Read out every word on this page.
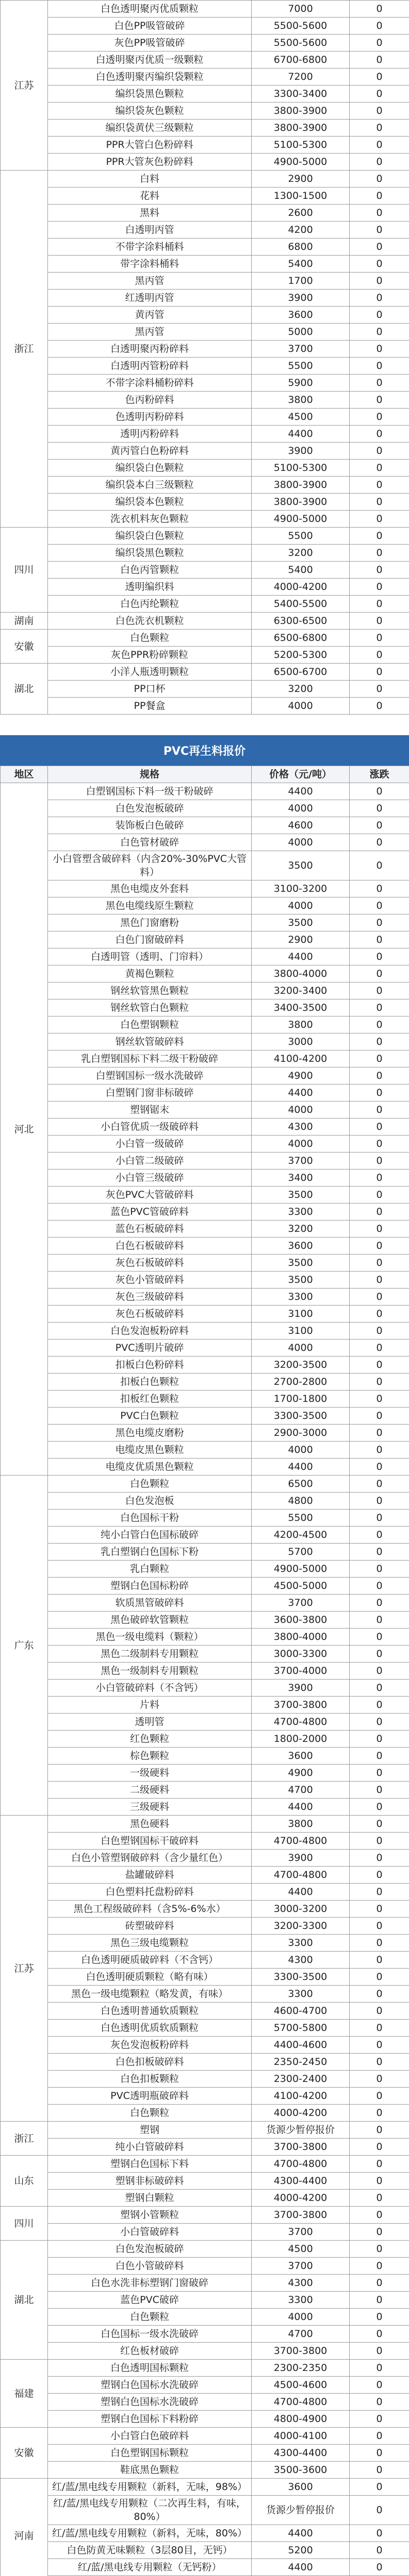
江苏	白色透明聚丙优质颗粒	7000	0
	白色PP吸管破碎	5500-5600	0
	灰色PP吸管破碎	5500-5600	0
	白透明聚丙优质一级颗粒	6700-6800	0
	白色透明聚丙编织袋颗粒	7200	0
	编织袋黑色颗粒	3300-3400	0
	编织袋灰色颗粒	3800-3900	0
	编织袋黄伏三级颗粒	3800-3900	0
	PPR大管白色粉碎料	5100-5300	0
	PPR大管灰色粉碎料	4900-5000	0
浙江	白料	2900	0
	花料	1300-1500	0
	黑料	2600	0
	白透明丙管	4200	0
	不带字涂料桶料	6800	0
	带字涂料桶料	5400	0
	黑丙管	1700	0
	红透明丙管	3900	0
	黄丙管	3600	0
	黑丙管	5000	0
	白透明聚丙粉碎料	3700	0
	白透明丙管粉碎料	5500	0
	不带字涂料桶粉碎料	5900	0
	色丙粉碎料	3800	0
	色透明丙粉碎料	4500	0
	透明丙粉碎料	4400	0
	黄丙管白色粉碎料	3900	0
	编织袋白色颗粒	5100-5300	0
	编织袋本白三级颗粒	3800-3900	0
	编织袋本色颗粒	3800-3900	0
	洗衣机料灰色颗粒	4900-5000	0
四川	编织袋白色颗粒	5500	0
	编织袋黑色颗粒	3200	0
	白色丙管颗粒	5400	0
	透明编织料	4000-4200	0
	白色丙纶颗粒	5400-5500	0
湖南	白色洗衣机颗粒	6300-6500	0
安徽	白色颗粒	6500-6800	0
	灰色PPR粉碎颗粒	5200-5300	0
湖北	小洋人瓶透明颗粒	6500-6700	0
	PP口杯	3200	0
	PP餐盒	4000	0
PVC再生料报价
地区	规格	价格（元/吨）	涨跌
河北	白塑钢国标下料一级干粉破碎	4400	0
	白色发泡板破碎	4000	0
	装饰板白色破碎	4600	0
	白色管材破碎	4000	0
	小白管塑含破碎料（内含20%-30%PVC大管料）	3500	0
	黑色电缆皮外套料	3100-3200	0
	黑色电缆线原生颗粒	4000	0
	黑色门窗磨粉	3500	0
	白色门窗破碎料	2900	0
	白透明管（透明、门帘料）	4400	0
	黄褐色颗粒	3800-4000	0
	钢丝软管黑色颗粒	3200-3400	0
	钢丝软管白色颗粒	3400-3500	0
	白色塑钢颗粒	3800	0
	钢丝软管破碎料	3000	0
	乳白塑钢国标下料二级干粉破碎	4100-4200	0
	白塑钢国标一级水洗破碎	4900	0
	白塑钢门窗非标破碎	4400	0
	塑钢锯末	4000	0
	小白管优质一级破碎料	4300	0
	小白管一级破碎	4000	0
	小白管二级破碎	3700	0
	小白管三级破碎	3400	0
	灰色PVC大管破碎料	3500	0
	蓝色PVC管破碎料	3300	0
	蓝色石板破碎料	3200	0
	白色石板破碎料	3600	0
	灰色石板破碎料	3500	0
	灰色小管破碎料	3500	0
	灰色三级破碎料	3300	0
	灰色石板破碎料	3100	0
	白色发泡板粉碎料	3100	0
	PVC透明片破碎	4000	0
	扣板白色粉碎料	3200-3500	0
	扣板白色颗粒	2700-2800	0
	扣板红色颗粒	1700-1800	0
	PVC白色颗粒	3300-3500	0
	黑色电缆皮磨粉	2900-3000	0
	电缆皮黑色颗粒	4000	0
	电缆皮优质黑色颗粒	4400	0
广东	白色颗粒	6500	0
	白色发泡板	4800	0
	白色国标干粉	5500	0
	纯小白管白色国标破碎	4200-4500	0
	乳白塑钢白色国标下粉	5700	0
	乳白颗粒	4900-5000	0
	塑钢白色国标粉碎	4500-5000	0
	软质黑管破碎料	3700	0
	黑色破碎软管颗粒	3600-3800	0
	黑色一级电缆料（颗粒）	3800-4000	0
	黑色二级制料专用颗粒	3000-3300	0
	黑色一级制料专用颗粒	3700-4000	0
	小白管破碎料（不含钙）	3900	0
	片料	3700-3800	0
	透明管	4700-4800	0
	红色颗粒	1800-2000	0
	棕色颗粒	3600	0
	一级硬料	4900	0
	二级硬料	4700	0
	三级硬料	4400	0
江苏	黑色硬料	3800	0
	白色塑钢国标干破碎料	4700-4800	0
	白色小管塑钢破碎料（含少量红色）	3900	0
	盐罐破碎料	4700-4800	0
	白色塑料托盘粉碎料	4400	0
	黑色工程级破碎料（含5%-6%水）	3000-3200	0
	砖塑破碎料	3200-3300	0
	黑色三级电缆颗粒	3300	0
	白色透明硬质破碎料（不含钙）	4300	0
	白色透明硬质颗粒（略有味）	3300-3500	0
	黑色一级电缆颗粒（略发黄，有味）	3300	0
	白色透明普通软质颗粒	4600-4700	0
	白色透明优质软质颗粒	5700-5800	0
	灰色发泡板粉碎料	4400-4600	0
	白色扣板破碎料	2350-2450	0
	白色扣板颗粒	2300-2400	0
	PVC透明瓶破碎料	4100-4200	0
	白色颗粒	4000-4200	0
浙江	塑钢	货源少暂停报价	0
	纯小白管破碎料	3700-3800	0
山东	塑钢白色国标下料	4700-4800	0
	塑钢非标破碎料	4300-4400	0
	塑钢白颗粒	4000-4200	0
四川	塑钢小管颗粒	3700-3800	0
	小白管破碎料	3700	0
湖北	白色发泡板破碎	4500	0
	白色小管破碎料	3700	0
	白色水洗非标塑钢门窗破碎	4300	0
	蓝色PVC破碎	3300	0
	白色颗粒	4000	0
	白色国标一级水洗破碎	4700	0
	红色板材破碎	3700-3800	0
福建	白色透明国标颗粒	2300-2350	0
	塑钢白色国标水洗破碎	4500-4600	0
	塑钢白色国标水洗破碎	4700-4800	0
	塑钢白色国标下料粉碎	4800-4900	0
安徽	小白管白色破碎料	4000-4100	0
	白色塑钢国标颗粒	4300-4400	0
	鞋底黑色颗粒	3500-3600	0
河南	红/蓝/黑电线专用颗粒（新料，无味，98%）	3600	0
	红/蓝/黑电线专用颗粒（二次再生料，有味，80%）	货源少暂停报价	0
	红/蓝/黑电线专用颗粒（新料，无味，80%）	4400	0
	白色防黄无味颗粒（3层80目，无钙）	5200	0
	红/蓝/黑电线专用颗粒（无钙粉）	4400	0
